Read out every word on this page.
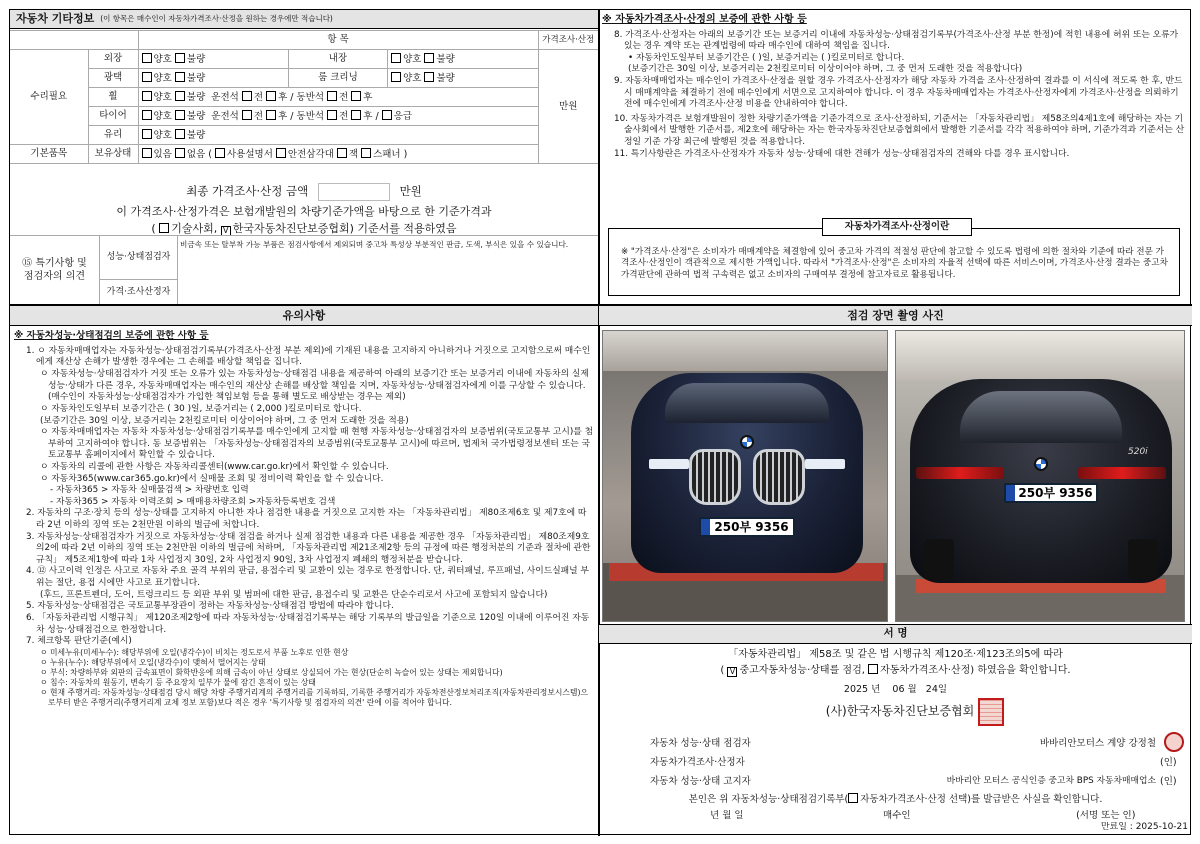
자동차 기타정보 (이 항목은 매수인이 자동차가격조사·산정을 원하는 경우에만 적습니다)
		항 목			가격조사·산정
수리필요	외장	양호 불량	내장	양호 불량	만원
	광택	양호 불량	룸 크리닝	양호 불량	
	휠	양호 불량 운전석 전 후 / 동반석 전 후			
	타이어	양호 불량 운전석 전 후 / 동반석 전 후 / 응급			
	유리	양호 불량			
기본품목	보유상태	있음 없음 ( 사용설명서 안전삼각대 잭 스패너 )			
최종 가격조사·산정 금액	만원
이 가격조사·산정가격은 보험개발원의 차량기준가액을 바탕으로 한 기준가격과
( 기술사회, V 한국자동차진단보증협회) 기준서를 적용하였음
⑮ 특기사항 및
점검자의 의견
성능·상태점검자
비금속 또는 탈부착 가능 부품은 점검사항에서 제외되며 중고차 특성상 부분적인 판금, 도색, 부식은 있을 수 있습니다.
가격·조사산정자
※ 자동차가격조사·산정의 보증에 관한 사항 등
8. 가격조사·산정자는 아래의 보증기간 또는 보증거리 이내에 자동차성능·상태점검기록부(가격조사·산정 부분 한정)에 적힌 내용에 허위 또는 오류가 있는 경우 계약 또는 관계법령에 따라 매수인에 대하여 책임을 집니다.
• 자동차인도일부터 보증기간은 ( )일, 보증거리는 ( )킬로미터로 합니다.
(보증기간은 30일 이상, 보증거리는 2천킬로미터 이상이어야 하며, 그 중 먼저 도래한 것을 적용합니다)
9. 자동차매매업자는 매수인이 가격조사·산정을 원할 경우 가격조사·산정자가 해당 자동차 가격을 조사·산정하여 결과를 이 서식에 적도록 한 후, 반드시 매매계약을 체결하기 전에 매수인에게 서면으로 고지하여야 합니다. 이 경우 자동차매매업자는 가격조사·산정자에게 가격조사·산정을 의뢰하기 전에 매수인에게 가격조사·산정 비용을 안내하여야 합니다.
10. 자동차가격은 보험개발원이 정한 차량기준가액을 기준가격으로 조사·산정하되, 기준서는 「자동차관리법」 제58조의4제1호에 해당하는 자는 기술사회에서 발행한 기준서를, 제2호에 해당하는 자는 한국자동차진단보증협회에서 발행한 기준서를 각각 적용하여야 하며, 기준가격과 기준서는 산정일 기준 가장 최근에 발행된 것을 적용합니다.
11. 특기사항란은 가격조사·산정자가 자동차 성능·상태에 대한 견해가 성능·상태점검자의 견해와 다를 경우 표시합니다.
※ "가격조사·산정"은 소비자가 매매계약을 체결함에 있어 중고차 가격의 적절성 판단에 참고할 수 있도록 법령에 의한 절차와 기준에 따라 전문 가격조사·산정인이 객관적으로 제시한 가액입니다. 따라서 "가격조사·산정"은 소비자의 자율적 선택에 따른 서비스이며, 가격조사·산정 결과는 중고차 가격판단에 관하여 법적 구속력은 없고 소비자의 구매여부 결정에 참고자료로 활용됩니다.
자동차가격조사·산정이란
유의사항
※ 자동차성능·상태점검의 보증에 관한 사항 등
1. ㅇ 자동차매매업자는 자동차성능·상태점검기록부(가격조사·산정 부분 제외)에 기재된 내용을 고지하지 아니하거나 거짓으로 고지함으로써 매수인에게 재산상 손해가 발생한 경우에는 그 손해를 배상할 책임을 집니다.
ㅇ 자동차성능·상태점검자가 거짓 또는 오류가 있는 자동차성능·상태점검 내용을 제공하여 아래의 보증기간 또는 보증거리 이내에 자동차의 실제 성능·상태가 다른 경우, 자동차매매업자는 매수인의 재산상 손해를 배상할 책임을 지며, 자동차성능·상태점검자에게 이를 구상할 수 있습니다.(매수인이 자동차성능·상태점검자가 가입한 책임보험 등을 통해 별도로 배상받는 경우는 제외)
ㅇ 자동차인도일부터 보증기간은 ( 30 )일, 보증거리는 ( 2,000 )킬로미터로 합니다.
(보증기간은 30일 이상, 보증거리는 2천킬로미터 이상이어야 하며, 그 중 먼저 도래한 것을 적용)
ㅇ 자동차매매업자는 자동차 자동차성능·상태점검기록부를 매수인에게 고지할 때 현행 자동차성능·상태점검자의 보증범위(국토교통부 고시)를 첨부하여 고지하여야 합니다. 동 보증범위는 「자동차성능·상태점검자의 보증범위(국토교통부 고시)에 따르며, 법제처 국가법령정보센터 또는 국토교통부 홈페이지에서 확인할 수 있습니다.
ㅇ 자동차의 리콜에 관한 사항은 자동차리콜센터(www.car.go.kr)에서 확인할 수 있습니다.
ㅇ 자동차365(www.car365.go.kr)에서 실매물 조회 및 정비이력 확인을 할 수 있습니다.
- 자동차365 > 자동차 실매물검색 > 차량번호 입력
- 자동차365 > 자동차 이력조회 > 매매용차량조회 >자동차등록번호 검색
2. 자동차의 구조·장치 등의 성능·상태를 고지하지 아니한 자나 점검한 내용을 거짓으로 고지한 자는 「자동차관리법」 제80조제6호 및 제7호에 따라 2년 이하의 징역 또는 2천만원 이하의 벌금에 처합니다.
3. 자동차성능·상태점검자가 거짓으로 자동차성능·상태 점검을 하거나 실제 점검한 내용과 다른 내용을 제공한 경우 「자동차관리법」 제80조제9호의2에 따라 2년 이하의 징역 또는 2천만원 이하의 벌금에 처하며, 「자동차관리법 제21조제2항 등의 규정에 따른 행정처분의 기준과 절차에 관한 규칙」 제5조제1항에 따라 1차 사업정지 30일, 2차 사업정지 90일, 3차 사업정지 폐쇄의 행정처분을 받습니다.
4. ⑫ 사고이력 인정은 사고로 자동차 주요 골격 부위의 판금, 용접수리 및 교환이 있는 경우로 한정합니다. 단, 쿼터패널, 루프패널, 사이드실패널 부위는 절단, 용접 시에만 사고로 표기합니다.
(후드, 프론트펜더, 도어, 트렁크리드 등 외판 부위 및 범퍼에 대한 판금, 용접수리 및 교환은 단순수리로서 사고에 포함되지 않습니다)
5. 자동차성능·상태점검은 국토교통부장관이 정하는 자동차성능·상태점검 방법에 따라야 합니다.
6. 「자동차관리법 시행규칙」 제120조제2항에 따라 자동차성능·상태점검기록부는 해당 기록부의 발급일을 기준으로 120일 이내에 이루어진 자동차 성능·상태점검으로 한정합니다.
7. 체크항목 판단기준(예시)
ㅇ 미세누유(미세누수): 해당부위에 오일(냉각수)이 비치는 정도로서 부품 노후로 인한 현상
ㅇ 누유(누수): 해당부위에서 오일(냉각수)이 맺혀서 떨어지는 상태
ㅇ 부식: 차량하부와 외판의 금속표면이 화학반응에 의해 금속이 아닌 상태로 상실되어 가는 현상(단순히 녹슬어 있는 상태는 제외합니다)
ㅇ 침수: 자동차의 원동기, 변속기 등 주요장치 일부가 물에 잠긴 흔적이 있는 상태
ㅇ 현재 주행거리: 자동차성능·상태점검 당시 해당 차량 주행거리계의 주행거리를 기록하되, 기록한 주행거리가 자동차전산정보처리조직(자동차관리정보시스템)으로부터 받은 주행거리(주행거리계 교체 정보 포함)보다 적은 경우 '특기사항 및 점검자의 의견' 란에 이를 적어야 합니다.
점검 장면 촬영 사진
250부 9356
520i
250부 9356
서 명
「자동차관리법」 제58조 및 같은 법 시행규칙 제120조·제123조의5에 따라
( V 중고자동차성능·상태를 점검, 자동차가격조사·산정) 하였음을 확인합니다.
2025 년 06 월 24일
(사)한국자동차진단보증협회
자동차 성능·상태 점검자	바바리안모터스 계양 강정철
자동차가격조사·산정자	(인)
자동차 성능·상태 고지자	바바리안 모터스 공식인증 중고차 BPS 자동차매매업소 (인)
본인은 위 자동차성능·상태점검기록부( 자동차가격조사·산정 선택)를 발급받은 사실을 확인합니다.
년 월 일	매수인	(서명 또는 인)
만료일 : 2025-10-21
